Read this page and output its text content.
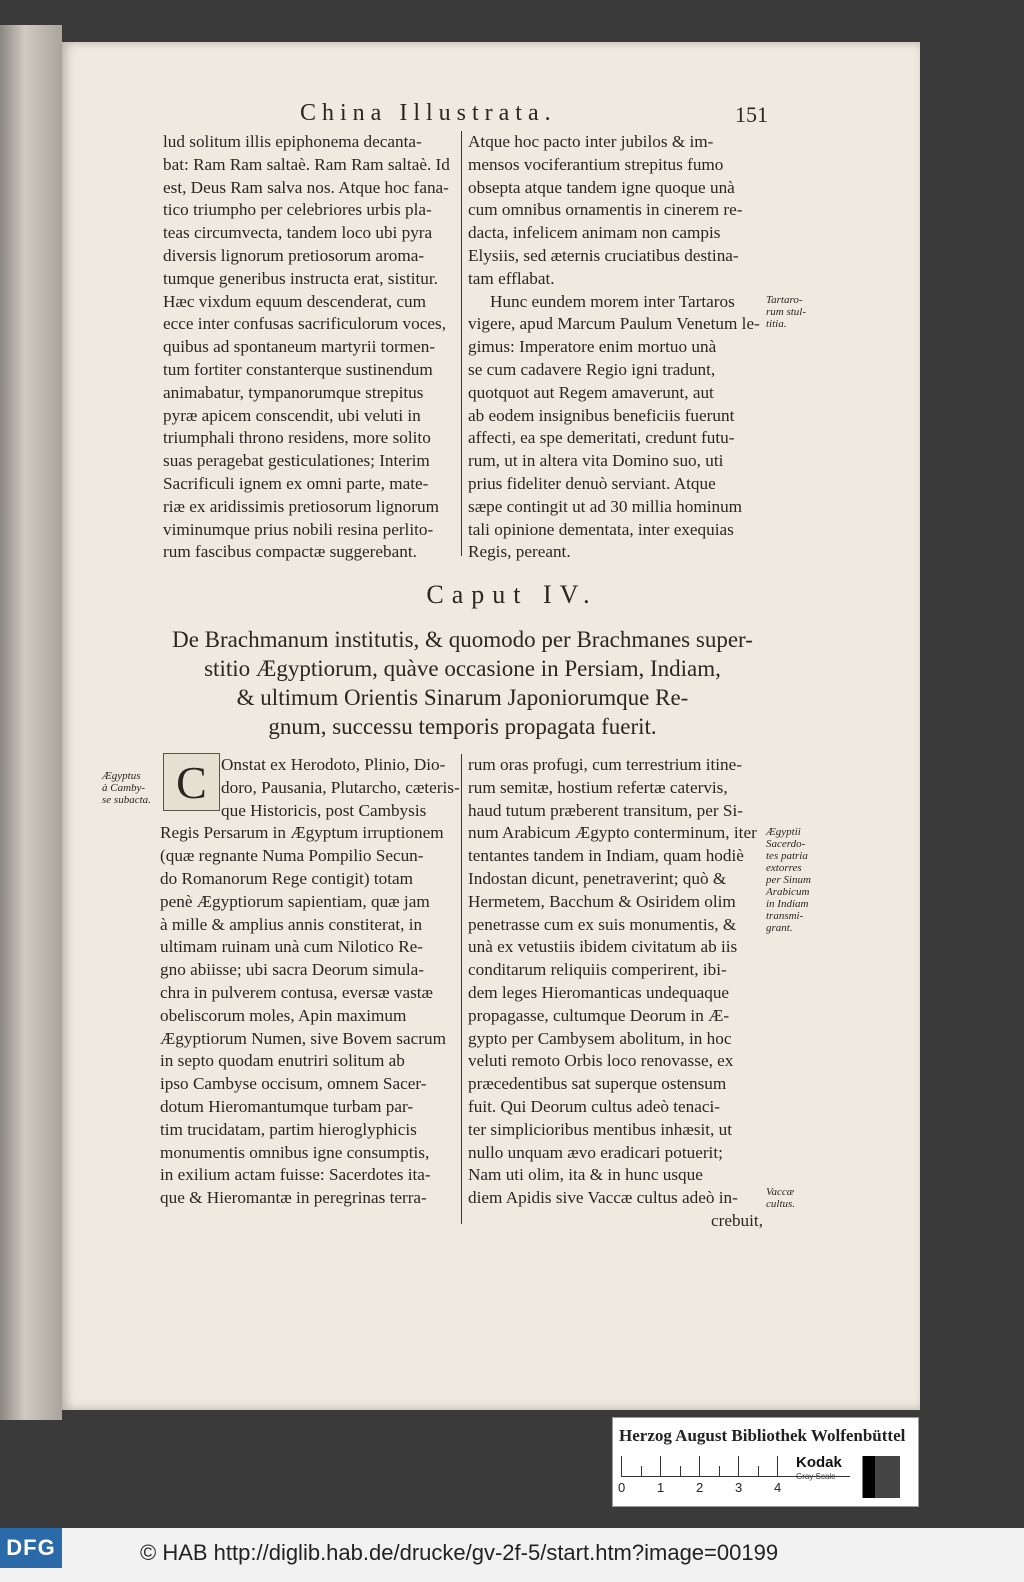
China Illustrata.	151
lud solitum illis epiphonema decanta-
bat: Ram Ram saltaè. Ram Ram saltaè. Id
est, Deus Ram salva nos. Atque hoc fana-
tico triumpho per celebriores urbis pla-
teas circumvecta, tandem loco ubi pyra
diversis lignorum pretiosorum aroma-
tumque generibus instructa erat, sistitur.
Hæc vixdum equum descenderat, cum
ecce inter confusas sacrificulorum voces,
quibus ad spontaneum martyrii tormen-
tum fortiter constanterque sustinendum
animabatur, tympanorumque strepitus
pyræ apicem conscendit, ubi veluti in
triumphali throno residens, more solito
suas peragebat gesticulationes; Interim
Sacrificuli ignem ex omni parte, mate-
riæ ex aridissimis pretiosorum lignorum
viminumque prius nobili resina perlito-
rum fascibus compactæ suggerebant.
Atque hoc pacto inter jubilos & im-
mensos vociferantium strepitus fumo
obsepta atque tandem igne quoque unà
cum omnibus ornamentis in cinerem re-
dacta, infelicem animam non campis
Elysiis, sed æternis cruciatibus destina-
tam efflabat.
Hunc eundem morem inter Tartaros
vigere, apud Marcum Paulum Venetum le-
gimus: Imperatore enim mortuo unà
se cum cadavere Regio igni tradunt,
quotquot aut Regem amaverunt, aut
ab eodem insignibus beneficiis fuerunt
affecti, ea spe demeritati, credunt futu-
rum, ut in altera vita Domino suo, uti
prius fideliter denuò serviant. Atque
sæpe contingit ut ad 30 millia hominum
tali opinione dementata, inter exequias
Regis, pereant.
Tartaro-
rum stul-
titia.
Caput IV.
De Brachmanum institutis, & quomodo per Brachmanes super-
stitio Ægyptiorum, quàve occasione in Persiam, Indiam,
& ultimum Orientis Sinarum Japoniorumque Re-
gnum, successu temporis propagata fuerit.
Ægyptus
à Camby-
se subacta. C Onstat ex Herodoto, Plinio, Dio-
doro, Pausania, Plutarcho, cæteris-
que Historicis, post Cambysis
Regis Persarum in Ægyptum irruptionem
(quæ regnante Numa Pompilio Secun-
do Romanorum Rege contigit) totam
penè Ægyptiorum sapientiam, quæ jam
à mille & amplius annis constiterat, in
ultimam ruinam unà cum Nilotico Re-
gno abiisse; ubi sacra Deorum simula-
chra in pulverem contusa, eversæ vastæ
obeliscorum moles, Apin maximum
Ægyptiorum Numen, sive Bovem sacrum
in septo quodam enutriri solitum ab
ipso Cambyse occisum, omnem Sacer-
dotum Hieromantumque turbam par-
tim trucidatam, partim hieroglyphicis
monumentis omnibus igne consumptis,
in exilium actam fuisse: Sacerdotes ita-
que & Hieromantæ in peregrinas terra-
rum oras profugi, cum terrestrium itine-
rum semitæ, hostium refertæ catervis,
haud tutum præberent transitum, per Si-
num Arabicum Ægypto conterminum, iter
tentantes tandem in Indiam, quam hodiè
Indostan dicunt, penetraverint; quò &
Hermetem, Bacchum & Osiridem olim
penetrasse cum ex suis monumentis, &
unà ex vetustiis ibidem civitatum ab iis
conditarum reliquiis comperirent, ibi-
dem leges Hieromanticas undequaque
propagasse, cultumque Deorum in Æ-
gypto per Cambysem abolitum, in hoc
veluti remoto Orbis loco renovasse, ex
præcedentibus sat superque ostensum
fuit. Qui Deorum cultus adeò tenaci-
ter simplicioribus mentibus inhæsit, ut
nullo unquam ævo eradicari potuerit;
Nam uti olim, ita & in hunc usque
diem Apidis sive Vaccæ cultus adeò in-
crebuit,
Ægyptii
Sacerdo-
tes patria
extorres
per Sinum
Arabicum
in Indiam
transmi-
grant.
Vaccæ
cultus.
Herzog August Bibliothek Wolfenbüttel
0 1 2 3 4
Kodak
Gray Scale
DFG	© HAB http://diglib.hab.de/drucke/gv-2f-5/start.htm?image=00199
